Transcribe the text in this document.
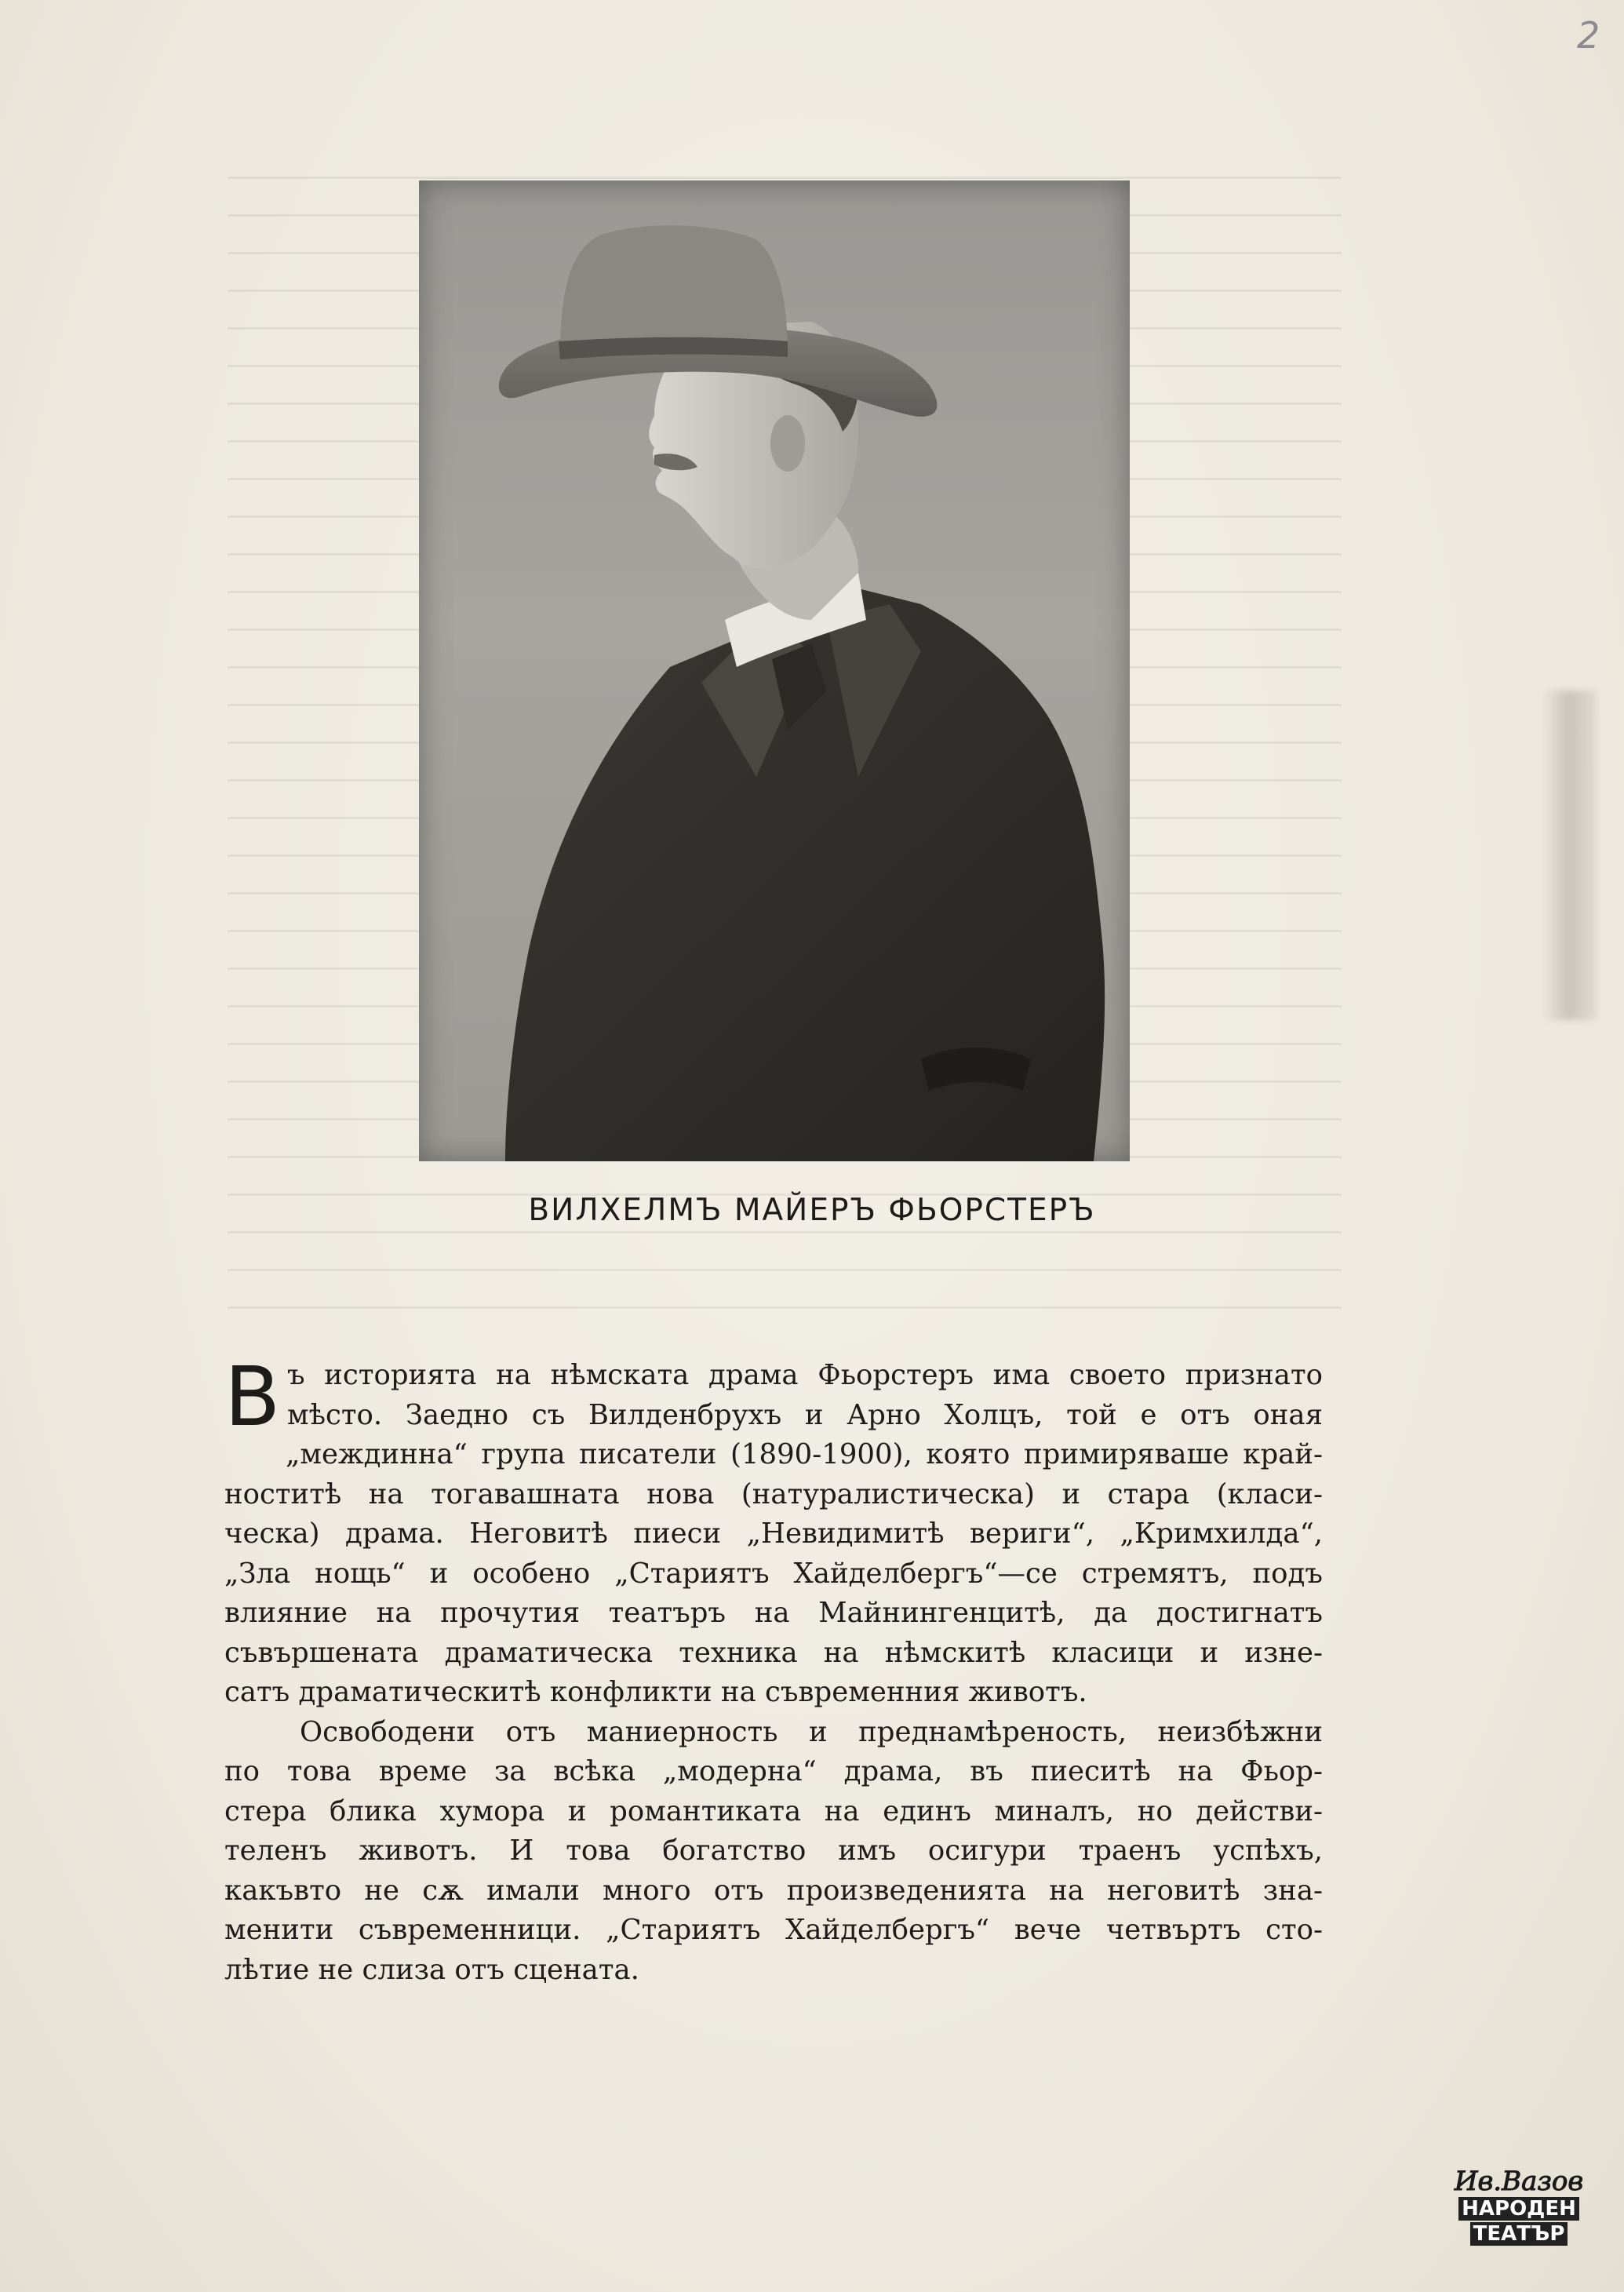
2
ВИЛХЕЛМЪ МАЙЕРЪ ФЬОРСТЕРЪ
В ъ историята на нѣмската драма Фьорстеръ има своето признато
мѣсто. Заедно съ Вилденбрухъ и Арно Холцъ, той е отъ оная
„междинна“ група писатели (1890-1900), която примиряваше край-
ноститѣ на тогавашната нова (натуралистическа) и стара (класи-
ческа) драма. Неговитѣ пиеси „Невидимитѣ вериги“, „Кримхилда“,
„Зла нощь“ и особено „Стариятъ Хайделбергъ“—се стремятъ, подъ
влияние на прочутия театъръ на Майнингенцитѣ, да достигнатъ
съвършената драматическа техника на нѣмскитѣ класици и изне-
сатъ драматическитѣ конфликти на съвременния животъ.
Освободени отъ маниерность и преднамѣреность, неизбѣжни
по това време за всѣка „модерна“ драма, въ пиеситѣ на Фьор-
стера блика хумора и романтиката на единъ миналъ, но действи-
теленъ животъ. И това богатство имъ осигури траенъ успѣхъ,
какъвто не сѫ имали много отъ произведенията на неговитѣ зна-
менити съвременници. „Стариятъ Хайделбергъ“ вече четвъртъ сто-
лѣтие не слиза отъ сцената.
Ив.Вазов
НАРОДЕН
ТЕАТЪР
